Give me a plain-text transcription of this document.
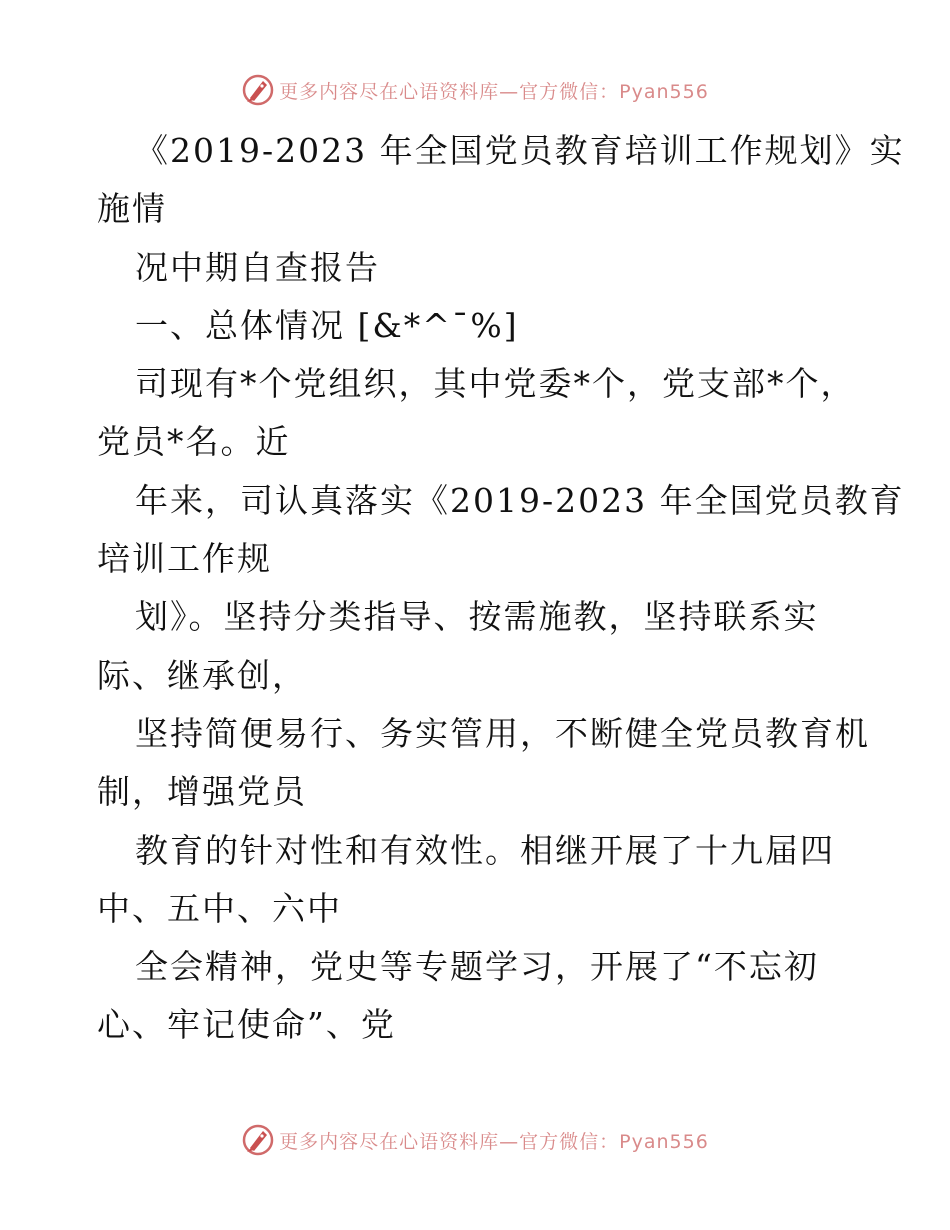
更多内容尽在心语资料库—官方微信：Pyan556
《2019-2023 年全国党员教育培训工作规划》实
施情
况中期自查报告
一、总体情况 [&*^¯%]
司现有*个党组织，其中党委*个，党支部*个，
党员*名。近
年来，司认真落实《2019-2023 年全国党员教育
培训工作规
划》。坚持分类指导、按需施教，坚持联系实
际、继承创，
坚持简便易行、务实管用，不断健全党员教育机
制，增强党员
教育的针对性和有效性。相继开展了十九届四
中、五中、六中
全会精神，党史等专题学习，开展了“不忘初
心、牢记使命”、党
更多内容尽在心语资料库—官方微信：Pyan556
